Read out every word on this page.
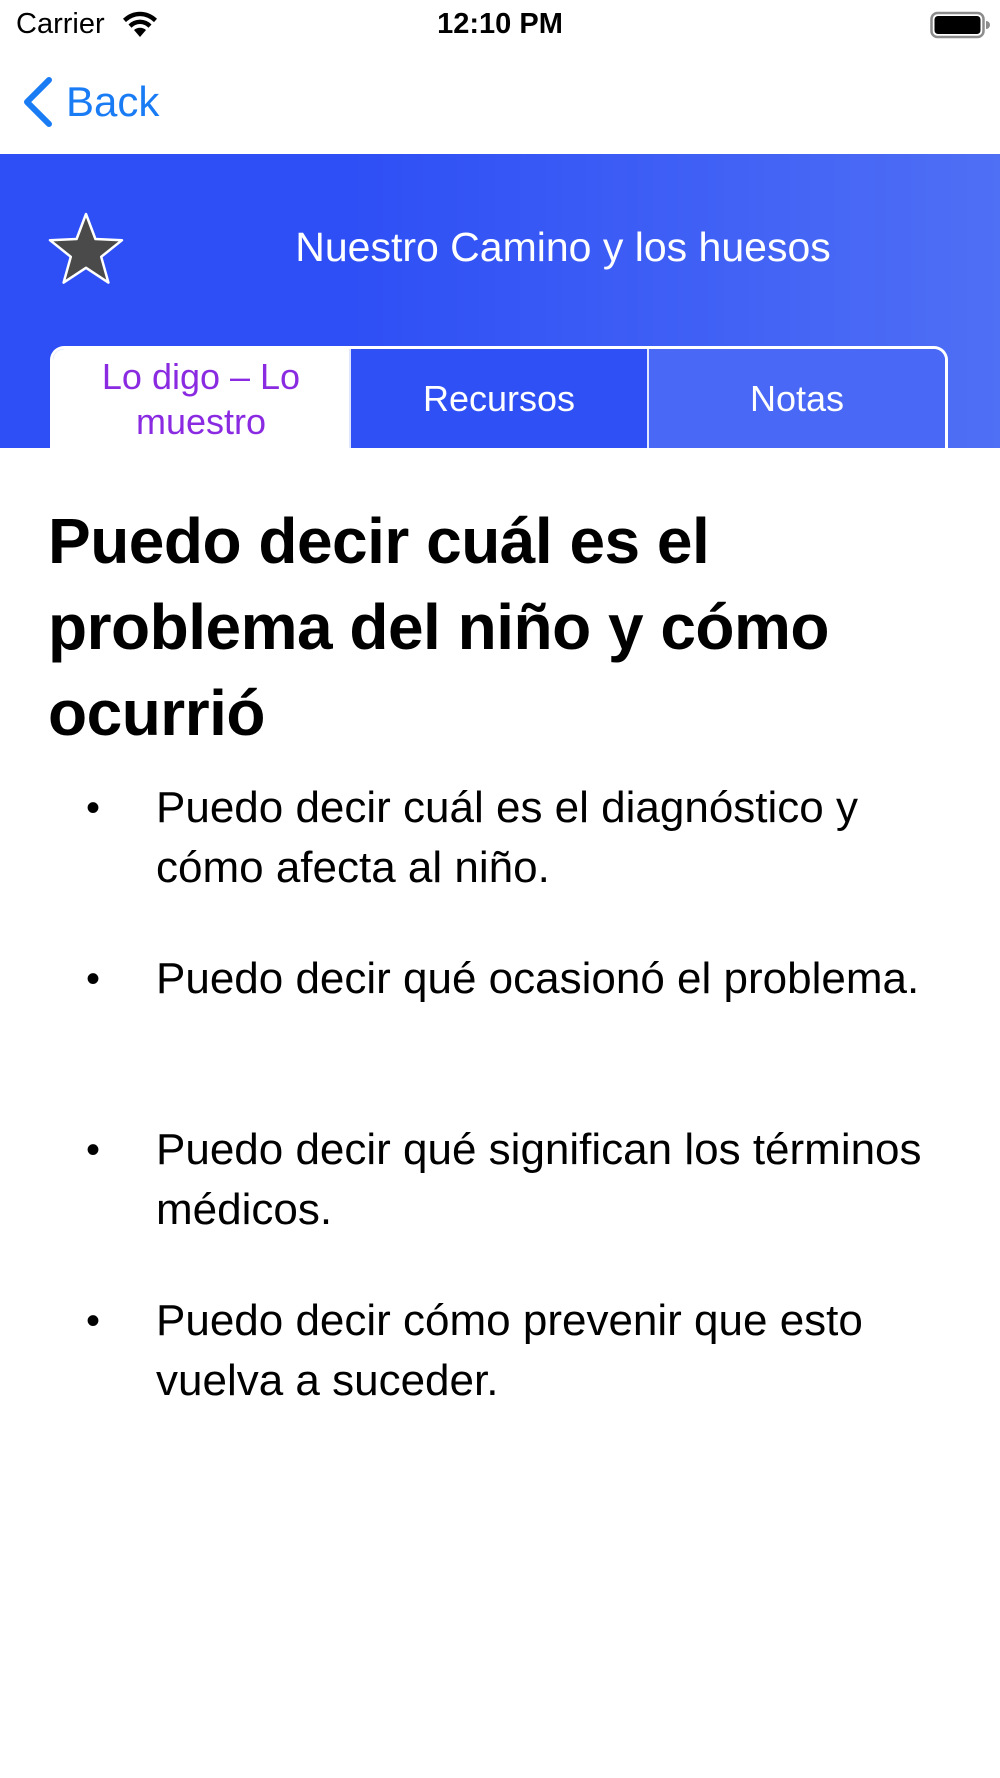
Carrier	12:10 PM
Back
Nuestro Camino y los huesos
Lo digo – Lo muestro
Recursos	Notas
Puedo decir cuál es el problema del niño y cómo ocurrió
• Puedo decir cuál es el diagnóstico y cómo afecta al niño.
• Puedo decir qué ocasionó el problema.
• Puedo decir qué significan los términos médicos.
• Puedo decir cómo prevenir que esto vuelva a suceder.
